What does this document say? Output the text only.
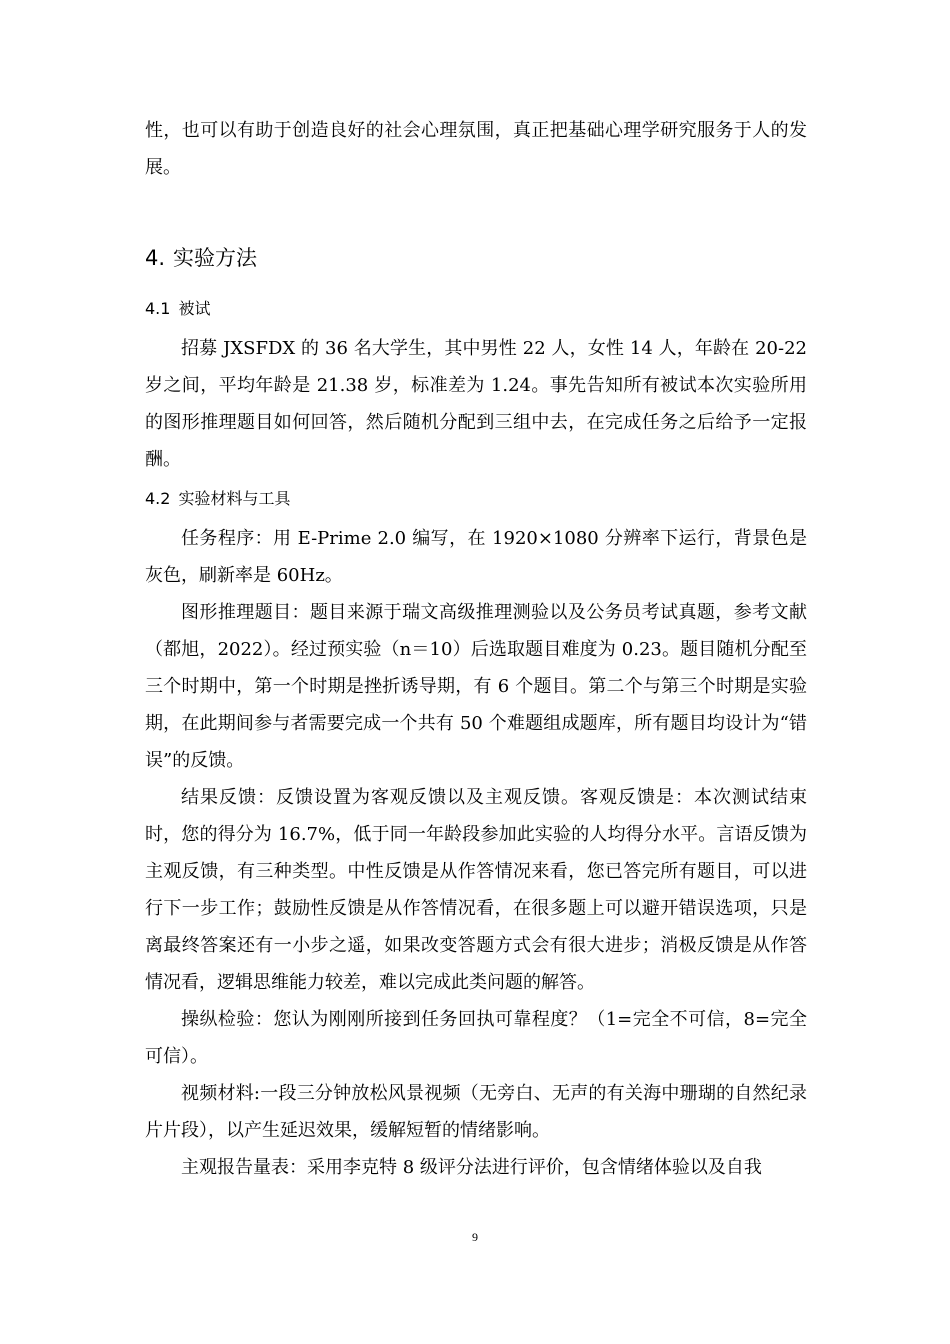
性，也可以有助于创造良好的社会心理氛围，真正把基础心理学研究服务于人的发展。

4. 实验方法
4.1 被试

招募 JXSFDX 的 36 名大学生，其中男性 22 人，女性 14 人，年龄在 20-22 岁之间，平均年龄是 21.38 岁，标准差为 1.24。事先告知所有被试本次实验所用的图形推理题目如何回答，然后随机分配到三组中去，在完成任务之后给予一定报酬。

4.2 实验材料与工具

任务程序：用 E-Prime 2.0 编写，在 1920×1080 分辨率下运行，背景色是灰色，刷新率是 60Hz。

图形推理题目：题目来源于瑞文高级推理测验以及公务员考试真题，参考文献（都旭，2022）。经过预实验（n＝10）后选取题目难度为 0.23。题目随机分配至三个时期中，第一个时期是挫折诱导期，有 6 个题目。第二个与第三个时期是实验期，在此期间参与者需要完成一个共有 50 个难题组成题库，所有题目均设计为“错误”的反馈。

结果反馈：反馈设置为客观反馈以及主观反馈。客观反馈是：本次测试结束时，您的得分为 16.7%，低于同一年龄段参加此实验的人均得分水平。言语反馈为主观反馈，有三种类型。中性反馈是从作答情况来看，您已答完所有题目，可以进行下一步工作；鼓励性反馈是从作答情况看，在很多题上可以避开错误选项，只是离最终答案还有一小步之遥，如果改变答题方式会有很大进步；消极反馈是从作答情况看，逻辑思维能力较差，难以完成此类问题的解答。

操纵检验：您认为刚刚所接到任务回执可靠程度？（1=完全不可信，8=完全可信）。

视频材料:一段三分钟放松风景视频（无旁白、无声的有关海中珊瑚的自然纪录片片段），以产生延迟效果，缓解短暂的情绪影响。

主观报告量表：采用李克特 8 级评分法进行评价，包含情绪体验以及自我

9
